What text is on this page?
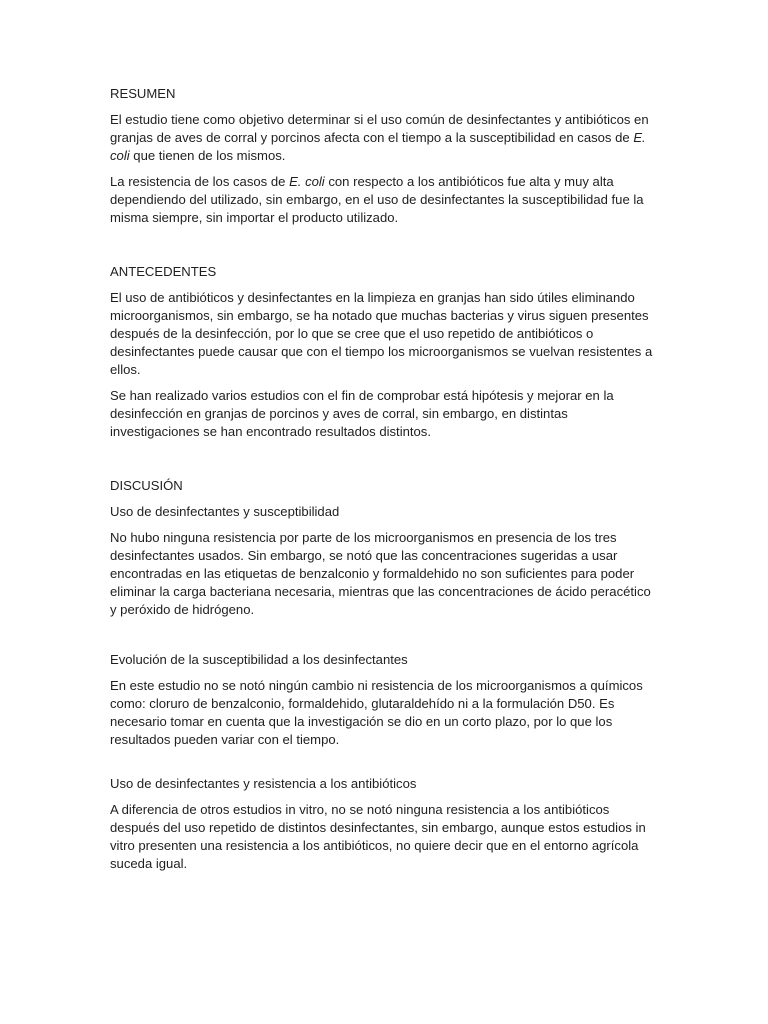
RESUMEN

El estudio tiene como objetivo determinar si el uso común de desinfectantes y antibióticos en granjas de aves de corral y porcinos afecta con el tiempo a la susceptibilidad en casos de E. coli que tienen de los mismos.

La resistencia de los casos de E. coli con respecto a los antibióticos fue alta y muy alta dependiendo del utilizado, sin embargo, en el uso de desinfectantes la susceptibilidad fue la misma siempre, sin importar el producto utilizado.

ANTECEDENTES

El uso de antibióticos y desinfectantes en la limpieza en granjas han sido útiles eliminando microorganismos, sin embargo, se ha notado que muchas bacterias y virus siguen presentes después de la desinfección, por lo que se cree que el uso repetido de antibióticos o desinfectantes puede causar que con el tiempo los microorganismos se vuelvan resistentes a ellos.

Se han realizado varios estudios con el fin de comprobar está hipótesis y mejorar en la desinfección en granjas de porcinos y aves de corral, sin embargo, en distintas investigaciones se han encontrado resultados distintos.

DISCUSIÓN
Uso de desinfectantes y susceptibilidad

No hubo ninguna resistencia por parte de los microorganismos en presencia de los tres desinfectantes usados. Sin embargo, se notó que las concentraciones sugeridas a usar encontradas en las etiquetas de benzalconio y formaldehido no son suficientes para poder eliminar la carga bacteriana necesaria, mientras que las concentraciones de ácido peracético y peróxido de hidrógeno.

Evolución de la susceptibilidad a los desinfectantes

En este estudio no se notó ningún cambio ni resistencia de los microorganismos a químicos como: cloruro de benzalconio, formaldehido, glutaraldehído ni a la formulación D50. Es necesario tomar en cuenta que la investigación se dio en un corto plazo, por lo que los resultados pueden variar con el tiempo.

Uso de desinfectantes y resistencia a los antibióticos

A diferencia de otros estudios in vitro, no se notó ninguna resistencia a los antibióticos después del uso repetido de distintos desinfectantes, sin embargo, aunque estos estudios in vitro presenten una resistencia a los antibióticos, no quiere decir que en el entorno agrícola suceda igual.
